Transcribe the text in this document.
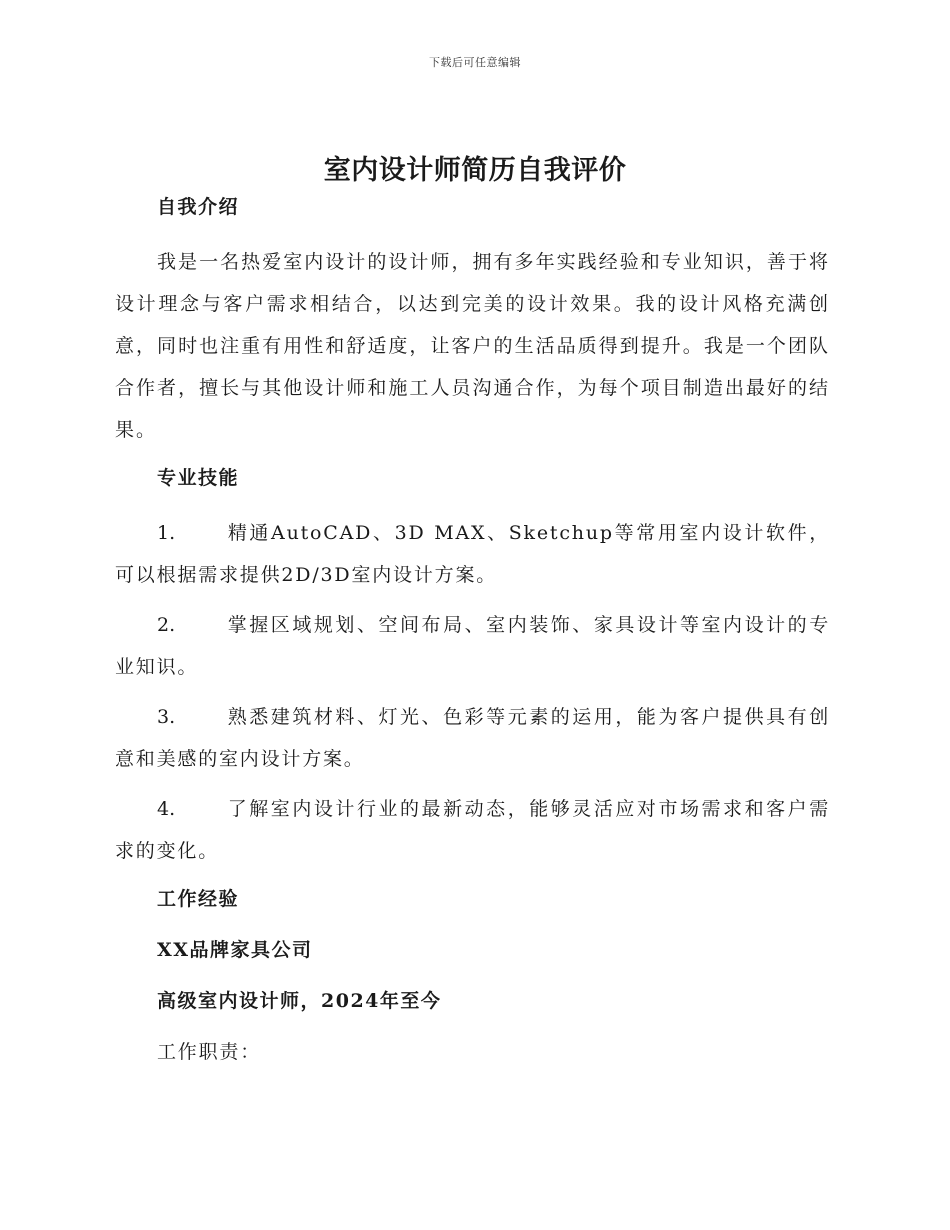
下载后可任意编辑
室内设计师简历自我评价
自我介绍
我是一名热爱室内设计的设计师，拥有多年实践经验和专业知识，善于将设计理念与客户需求相结合，以达到完美的设计效果。我的设计风格充满创意，同时也注重有用性和舒适度，让客户的生活品质得到提升。我是一个团队合作者，擅长与其他设计师和施工人员沟通合作，为每个项目制造出最好的结果。
专业技能
1.	精通AutoCAD、3D MAX、Sketchup等常用室内设计软件，可以根据需求提供2D/3D室内设计方案。
2.	掌握区域规划、空间布局、室内装饰、家具设计等室内设计的专业知识。
3.	熟悉建筑材料、灯光、色彩等元素的运用，能为客户提供具有创意和美感的室内设计方案。
4.	了解室内设计行业的最新动态，能够灵活应对市场需求和客户需求的变化。
工作经验
XX品牌家具公司
高级室内设计师，2024年至今
工作职责：
